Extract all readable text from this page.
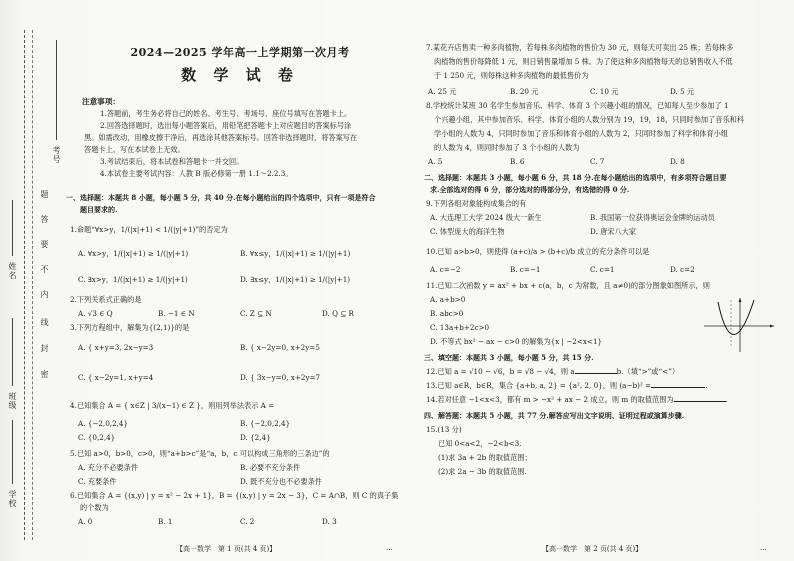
考号
姓名
班级
学校
题
答
要
不
内
线
封
密
2024—2025 学年高一上学期第一次月考
数 学 试 卷
注意事项：
1.答题前，考生务必将自己的姓名、考生号、考场号、座位号填写在答题卡上。
2.回答选择题时，选出每小题答案后，用铅笔把答题卡上对应题目的答案标号涂
黑。如需改动，用橡皮擦干净后，再选涂其他答案标号。回答非选择题时，将答案写在
答题卡上。写在本试卷上无效。
3.考试结束后，将本试卷和答题卡一并交回。
4.本试卷主要考试内容：人教 B 版必修第一册 1.1～2.2.3。
一、选择题：本题共 8 小题，每小题 5 分，共 40 分.在每小题给出的四个选项中，只有一项是符合
题目要求的.
1.命题“∀x>y，1/(|x|+1) < 1/(|y|+1)”的否定为
A. ∀x>y，1/(|x|+1) ≥ 1/(|y|+1)	B. ∀x≤y，1/(|x|+1) ≥ 1/(|y|+1)
C. ∃x>y，1/(|x|+1) ≥ 1/(|y|+1)	D. ∃x≤y，1/(|x|+1) ≥ 1/(|y|+1)
2.下列关系式正确的是
A. √3 ∈ Q	B. −1 ∈ N	C. Z ⊆ N	D. Q ⊆ R
3.下列方程组中，解集为{(2,1)}的是
A. { x+y=3, 2x−y=3	B. { x−2y=0, x+2y=5
C. { x−2y=1, x+y=4	D. { 3x−y=0, x+2y=7
4.已知集合 A = { x∈Z | 3/(x−1) ∈ Z }，则用列举法表示 A =
A. {−2,0,2,4}	B. {−2,0,2,4}
C. {0,2,4}	D. {2,4}
5.已知 a>0，b>0，c>0，则“a+b>c”是“a，b，c 可以构成三角形的三条边”的
A. 充分不必要条件	B. 必要不充分条件
C. 充要条件	D. 既不充分也不必要条件
6.已知集合 A = {(x,y) | y = x² − 2x + 1}，B = {(x,y) | y = 2x − 3}，C = A∩B，则 C 的真子集
的个数为
A. 0	B. 1	C. 2	D. 3
【高一数学　第 1 页(共 4 页)】	...
7.某花卉店售卖一种多肉植物，若每株多肉植物的售价为 30 元，则每天可卖出 25 株；若每株多
肉植物的售价每降低 1 元，则日销售量增加 5 株。为了使这种多肉植物每天的总销售收入不低
于 1 250 元，则每株这种多肉植物的最低售价为
A. 25 元	B. 20 元	C. 10 元	D. 5 元
8.学校统计某班 30 名学生参加音乐、科学、体育 3 个兴趣小组的情况，已知每人至少参加了 1
个兴趣小组，其中参加音乐、科学、体育小组的人数分别为 19，19，18，只同时参加了音乐和科
学小组的人数为 4，只同时参加了音乐和体育小组的人数为 2，只同时参加了科学和体育小组
的人数为 4，则同时参加了 3 个小组的人数为
A. 5	B. 6	C. 7	D. 8
二、选择题：本题共 3 小题，每小题 6 分，共 18 分.在每小题给出的选项中，有多项符合题目要
求.全部选对的得 6 分，部分选对的得部分分，有选错的得 0 分.
9.下列各组对象能构成集合的有
A. 大连理工大学 2024 级大一新生	B. 我国第一位获得奥运会金牌的运动员
C. 体型庞大的海洋生物	D. 唐宋八大家
10.已知 a>b>0，则使得 (a+c)/a > (b+c)/b 成立的充分条件可以是
A. c=−2	B. c=−1	C. c=1	D. c=2
11.已知二次函数 y = ax² + bx + c(a，b，c 为常数，且 a≠0)的部分图象如图所示，则
A. a+b>0
B. abc>0
C. 13a+b+2c>0
D. 不等式 bx² − ax − c>0 的解集为{x | −2<x<1}
三、填空题：本题共 3 小题，每小题 5 分，共 15 分.
12.已知 a = √10 − √6，b = √8 − √4，则 a	b.（填“>”或“<”）
13.已知 a∈R，b∈R，集合 {a+b, a, 2} = {a², 2, 0}，则 (a−b)² =	.
14.若对任意 −1<x<3，都有 m > −x² + ax − 2 成立，则 m 的取值范围为	.
四、解答题：本题共 5 小题，共 77 分.解答应写出文字说明、证明过程或演算步骤.
15.(13 分)
已知 0<a<2，−2<b<3.
(1)求 3a + 2b 的取值范围；
(2)求 2a − 3b 的取值范围.
【高一数学　第 2 页(共 4 页)】	...
